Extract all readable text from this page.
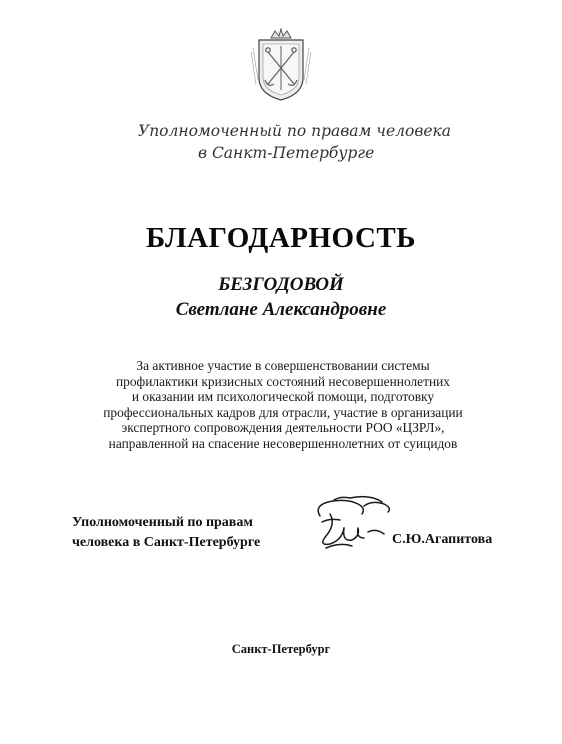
Уполномоченный по правам человека
в Санкт-Петербурге
БЛАГОДАРНОСТЬ
БЕЗГОДОВОЙ
Светлане Александровне
За активное участие в совершенствовании системы
профилактики кризисных состояний несовершеннолетних
и оказании им психологической помощи, подготовку
профессиональных кадров для отрасли, участие в организации
экспертного сопровождения деятельности РОО «ЦЗРЛ»,
направленной на спасение несовершеннолетних от суицидов
Уполномоченный по правам
человека в Санкт-Петербурге	С.Ю.Агапитова
Санкт-Петербург
